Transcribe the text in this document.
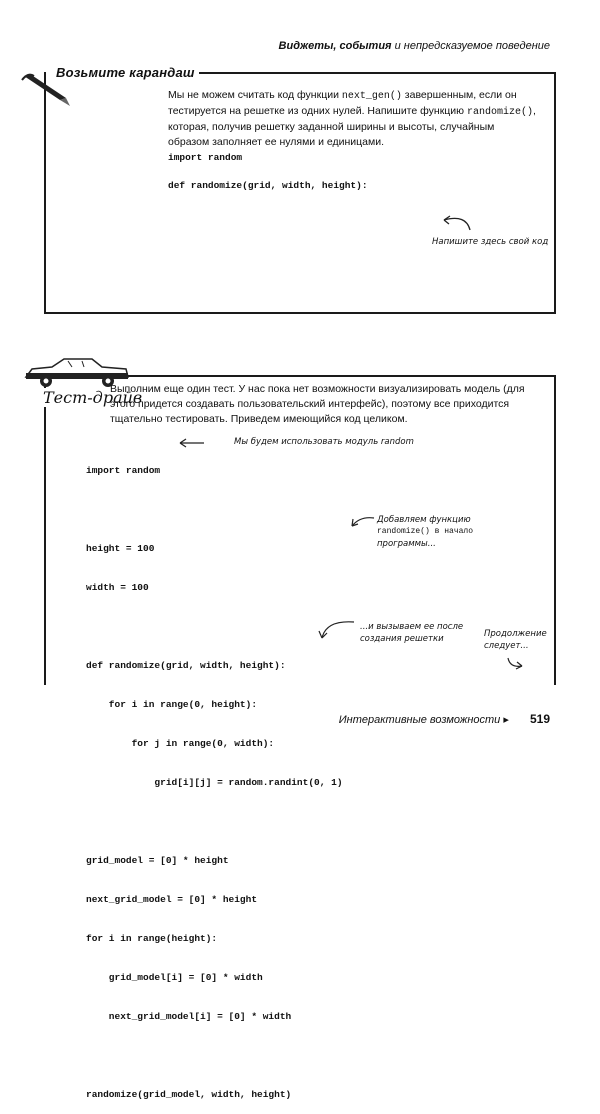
Виджеты, события и непредсказуемое поведение
Возьмите карандаш
Мы не можем считать код функции next_gen() завершенным, если он тестируется на решетке из одних нулей. Напишите функцию randomize(), которая, получив решетку заданной ширины и высоты, случайным образом заполняет ее нулями и единицами.
import random
def randomize(grid, width, height):
Напишите здесь свой код
Тест-драйв
Выполним еще один тест. У нас пока нет возможности визуализировать модель (для этого придется создавать пользовательский интерфейс), поэтому все приходится тщательно тестировать. Приведем имеющийся код целиком.

import random

height = 100

width = 100

def randomize(grid, width, height):

for i in range(0, height):

for j in range(0, width):

grid[i][j] = random.randint(0, 1)

grid_model = [0] * height

next_grid_model = [0] * height

for i in range(height):

grid_model[i] = [0] * width

next_grid_model[i] = [0] * width

randomize(grid_model, width, height)

Мы будем использовать модуль random
Добавляем функцию
randomize() в начало
программы...
...и вызываем ее после
создания решетки	Продолжение
следует...
Интерактивные возможности ▸ 519
